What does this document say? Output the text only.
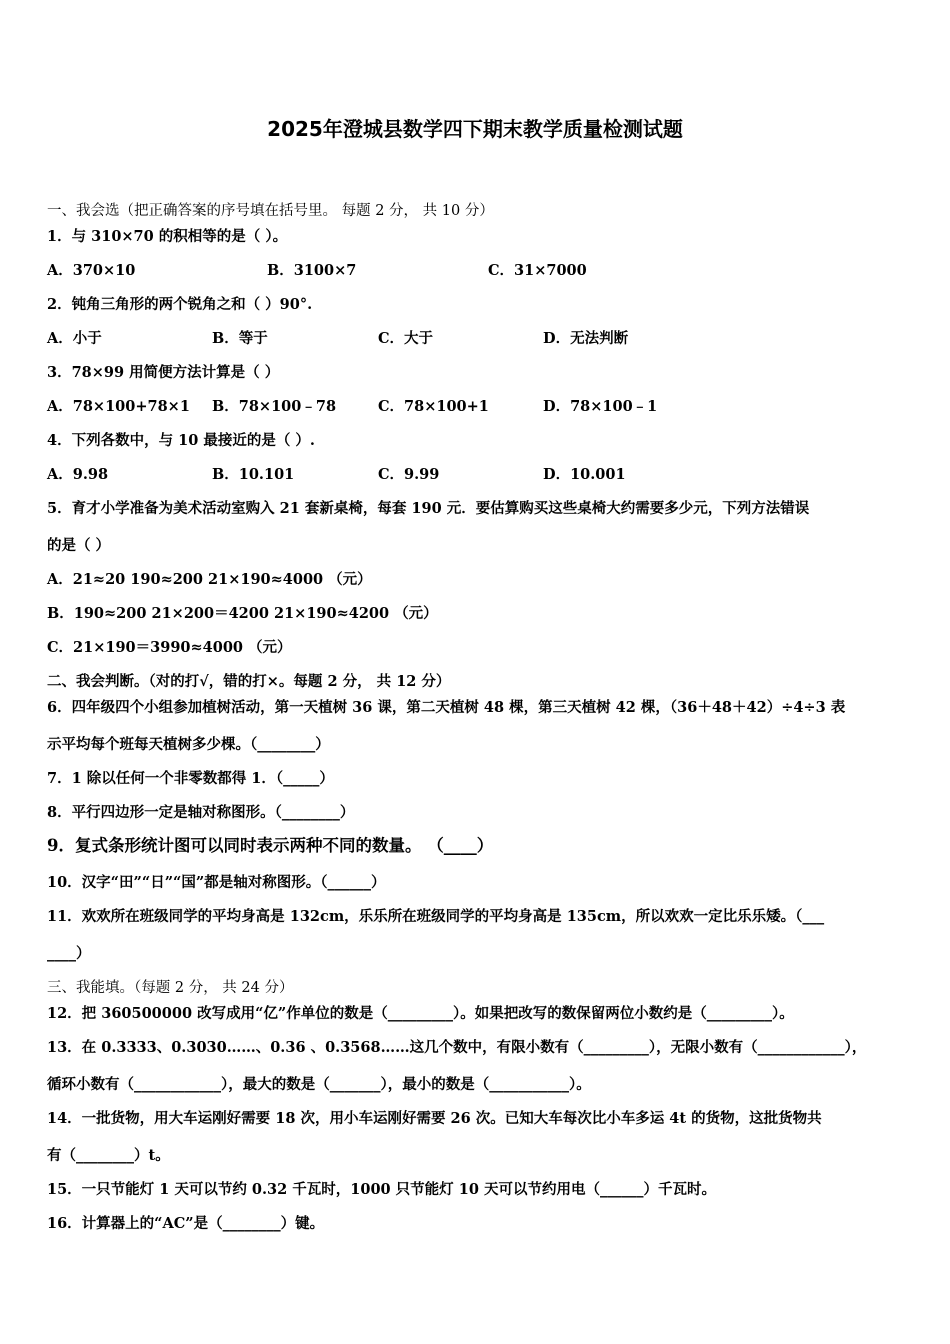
2025年澄城县数学四下期末教学质量检测试题
一、我会选（把正确答案的序号填在括号里。 每题 2 分， 共 10 分）
1．与 310×70 的积相等的是（ ）。
A．370×10	B．3100×7	C．31×7000
2．钝角三角形的两个锐角之和（ ）90°.
A．小于	B．等于	C．大于	D．无法判断
3．78×99 用简便方法计算是（ ）
A．78×100+78×1 B．78×100﹣78	C．78×100+1	D．78×100﹣1
4．下列各数中，与 10 最接近的是（ ）.
A．9.98	B．10.101	C．9.99	D．10.001
5．育才小学准备为美术活动室购入 21 套新桌椅，每套 190 元．要估算购买这些桌椅大约需要多少元，下列方法错误
的是（ ）
A．21≈20 190≈200 21×190≈4000 （元）
B．190≈200 21×200＝4200 21×190≈4200 （元）
C．21×190＝3990≈4000 （元）
二、我会判断。（对的打√，错的打×。每题 2 分， 共 12 分）
6．四年级四个小组参加植树活动，第一天植树 36 课，第二天植树 48 棵，第三天植树 42 棵，（36＋48＋42）÷4÷3 表
示平均每个班每天植树多少棵。（________）
7．1 除以任何一个非零数都得 1．（_____）
8．平行四边形一定是轴对称图形。（________）
9．复式条形统计图可以同时表示两种不同的数量。 （____）
10．汉字“田”“日”“国”都是轴对称图形。（______）
11．欢欢所在班级同学的平均身高是 132cm，乐乐所在班级同学的平均身高是 135cm，所以欢欢一定比乐乐矮。（___
____）
三、我能填。（每题 2 分， 共 24 分）
12．把 360500000 改写成用“亿”作单位的数是（_________）。如果把改写的数保留两位小数约是（_________）。
13．在 0.3333、0.3030……、0.36 、0.3568……这几个数中，有限小数有（_________），无限小数有（____________），
循环小数有（____________），最大的数是（_______），最小的数是（___________）。
14．一批货物，用大车运刚好需要 18 次，用小车运刚好需要 26 次。已知大车每次比小车多运 4t 的货物，这批货物共
有（________）t。
15．一只节能灯 1 天可以节约 0.32 千瓦时，1000 只节能灯 10 天可以节约用电（______）千瓦时。
16．计算器上的“AC”是（________）键。
